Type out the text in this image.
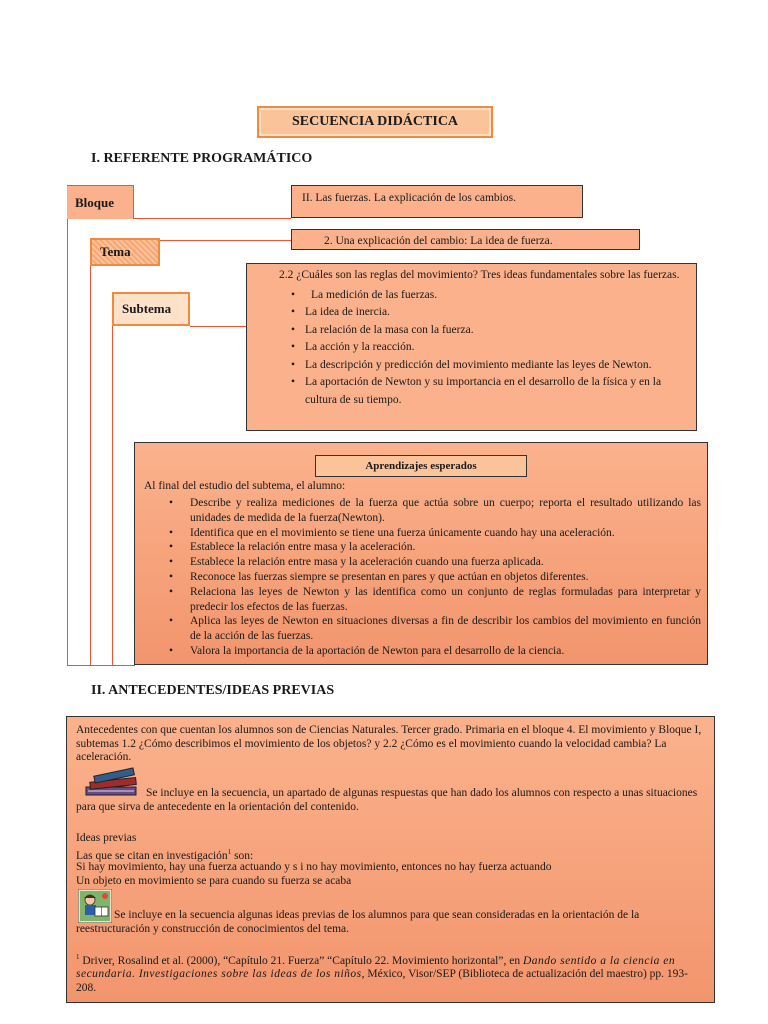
SECUENCIA DIDÁCTICA
I. REFERENTE PROGRAMÁTICO
Bloque	II. Las fuerzas. La explicación de los cambios.
Tema
2. Una explicación del cambio: La idea de fuerza.
Subtema
2.2 ¿Cuáles son las reglas del movimiento? Tres ideas fundamentales sobre las fuerzas.
• La medición de las fuerzas.
• La idea de inercia.
• La relación de la masa con la fuerza.
• La acción y la reacción.
• La descripción y predicción del movimiento mediante las leyes de Newton.
• La aportación de Newton y su importancia en el desarrollo de la física y en la cultura de su tiempo.
Aprendizajes esperados
Al final del estudio del subtema, el alumno:
• Describe y realiza mediciones de la fuerza que actúa sobre un cuerpo; reporta el resultado utilizando las unidades de medida de la fuerza(Newton).
• Identifica que en el movimiento se tiene una fuerza únicamente cuando hay una aceleración.
• Establece la relación entre masa y la aceleración.
• Establece la relación entre masa y la aceleración cuando una fuerza aplicada.
• Reconoce las fuerzas siempre se presentan en pares y que actúan en objetos diferentes.
• Relaciona las leyes de Newton y las identifica como un conjunto de reglas formuladas para interpretar y predecir los efectos de las fuerzas.
• Aplica las leyes de Newton en situaciones diversas a fin de describir los cambios del movimiento en función de la acción de las fuerzas.
• Valora la importancia de la aportación de Newton para el desarrollo de la ciencia.
II. ANTECEDENTES/IDEAS PREVIAS
Antecedentes con que cuentan los alumnos son de Ciencias Naturales. Tercer grado. Primaria en el bloque 4. El movimiento y Bloque I, subtemas 1.2 ¿Cómo describimos el movimiento de los objetos? y 2.2 ¿Cómo es el movimiento cuando la velocidad cambia? La aceleración.
Se incluye en la secuencia, un apartado de algunas respuestas que han dado los alumnos con respecto a unas situaciones para que sirva de antecedente en la orientación del contenido.
Ideas previas
Las que se citan en investigación$^1$ son:
Si hay movimiento, hay una fuerza actuando y s i no hay movimiento, entonces no hay fuerza actuando
Un objeto en movimiento se para cuando su fuerza se acaba
Se incluye en la secuencia algunas ideas previas de los alumnos para que sean consideradas en la orientación de la reestructuración y construcción de conocimientos del tema.
$^1$ Driver, Rosalind et al. (2000), “Capítulo 21. Fuerza” “Capítulo 22. Movimiento horizontal”, en Dando sentido a la ciencia en secundaria. Investigaciones sobre las ideas de los niños, México, Visor/SEP (Biblioteca de actualización del maestro) pp. 193- 208.
